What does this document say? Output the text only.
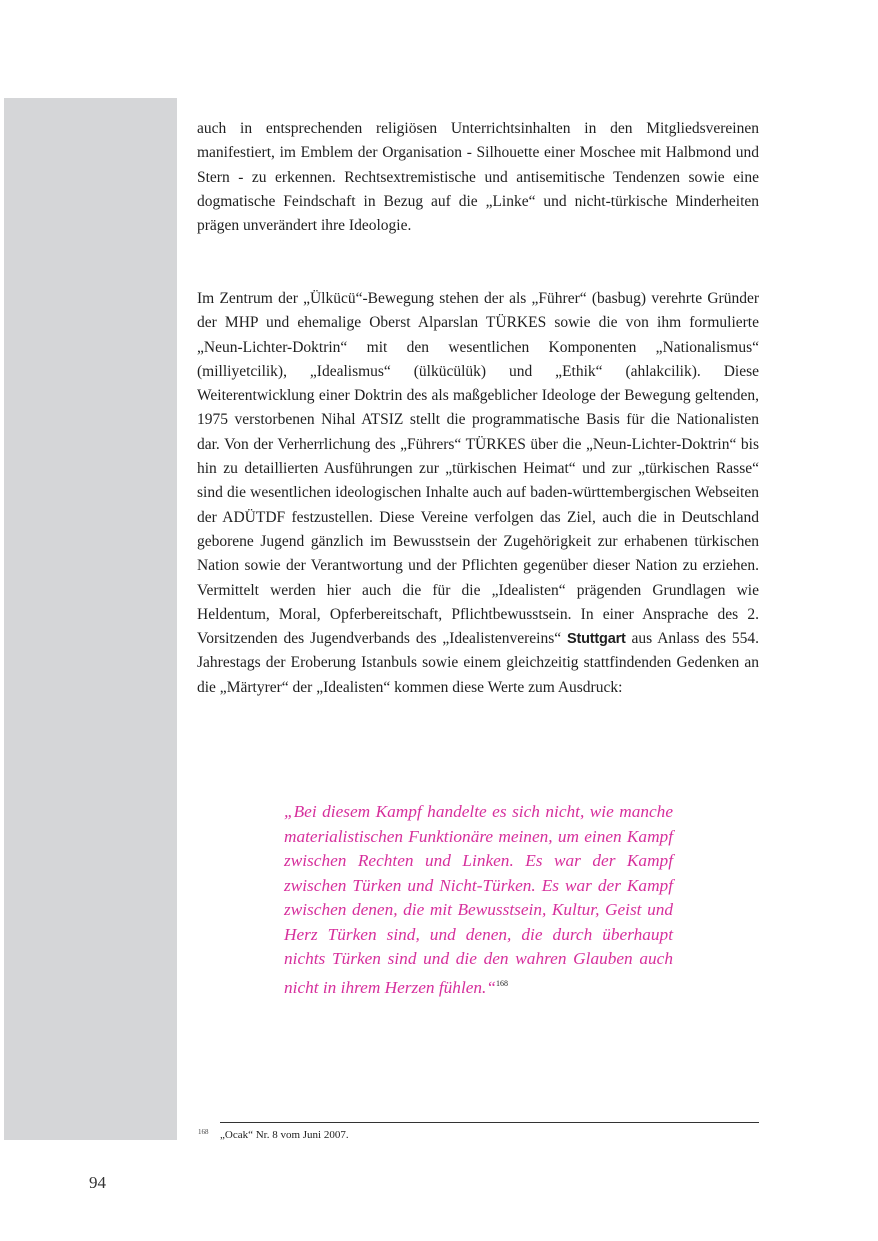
auch in entsprechenden religiösen Unterrichtsinhalten in den Mitgliedsvereinen manifestiert, im Emblem der Organisation - Silhouette einer Moschee mit Halbmond und Stern - zu erkennen. Rechtsextremistische und antisemitische Tendenzen sowie eine dogmatische Feindschaft in Bezug auf die „Linke“ und nicht-türkische Minderheiten prägen unverändert ihre Ideologie.

Im Zentrum der „Ülkücü“-Bewegung stehen der als „Führer“ (basbug) verehrte Gründer der MHP und ehemalige Oberst Alparslan TÜRKES sowie die von ihm formulierte „Neun-Lichter-Doktrin“ mit den wesentlichen Komponenten „Nationalismus“ (milliyetcilik), „Idealismus“ (ülkücülük) und „Ethik“ (ahlakcilik). Diese Weiterentwicklung einer Doktrin des als maßgeblicher Ideologe der Bewegung geltenden, 1975 verstorbenen Nihal ATSIZ stellt die programmatische Basis für die Nationalisten dar. Von der Verherrlichung des „Führers“ TÜRKES über die „Neun-Lichter-Doktrin“ bis hin zu detaillierten Ausführungen zur „türkischen Heimat“ und zur „türkischen Rasse“ sind die wesentlichen ideologischen Inhalte auch auf baden-württembergischen Webseiten der ADÜTDF festzustellen. Diese Vereine verfolgen das Ziel, auch die in Deutschland geborene Jugend gänzlich im Bewusstsein der Zugehörigkeit zur erhabenen türkischen Nation sowie der Verantwortung und der Pflichten gegenüber dieser Nation zu erziehen. Vermittelt werden hier auch die für die „Idealisten“ prägenden Grundlagen wie Heldentum, Moral, Opferbereitschaft, Pflichtbewusstsein. In einer Ansprache des 2. Vorsitzenden des Jugendverbands des „Idealistenvereins“ Stuttgart aus Anlass des 554. Jahrestags der Eroberung Istanbuls sowie einem gleichzeitig stattfindenden Gedenken an die „Märtyrer“ der „Idealisten“ kommen diese Werte zum Ausdruck:

„Bei diesem Kampf handelte es sich nicht, wie manche materialistischen Funktionäre meinen, um einen Kampf zwischen Rechten und Linken. Es war der Kampf zwischen Türken und Nicht-Türken. Es war der Kampf zwischen denen, die mit Bewusstsein, Kultur, Geist und Herz Türken sind, und denen, die durch überhaupt nichts Türken sind und die den wahren Glauben auch nicht in ihrem Herzen fühlen.“$^{168}$

168 „Ocak“ Nr. 8 vom Juni 2007.
94
